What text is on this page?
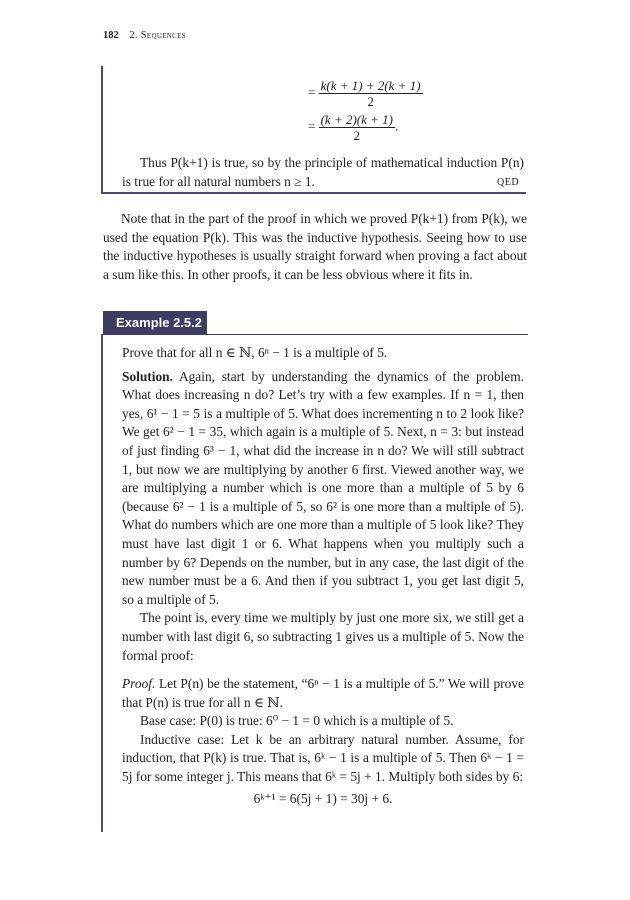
182 2. Sequences
= $\frac{k(k + 1) + 2(k + 1)}{2}$
= $\frac{(k + 2)(k + 1)}{2}$ .

Thus P(k+1) is true, so by the principle of mathematical induction P(n) is true for all natural numbers n ≥ 1.	QED

Note that in the part of the proof in which we proved P(k+1) from P(k), we used the equation P(k). This was the inductive hypothesis. Seeing how to use the inductive hypotheses is usually straight forward when proving a fact about a sum like this. In other proofs, it can be less obvious where it fits in.

Example 2.5.2

Prove that for all n ∈ ℕ, 6ⁿ − 1 is a multiple of 5.

Solution. Again, start by understanding the dynamics of the problem. What does increasing n do? Let’s try with a few examples. If n = 1, then yes, 6¹ − 1 = 5 is a multiple of 5. What does incrementing n to 2 look like? We get 6² − 1 = 35, which again is a multiple of 5. Next, n = 3: but instead of just finding 6³ − 1, what did the increase in n do? We will still subtract 1, but now we are multiplying by another 6 first. Viewed another way, we are multiplying a number which is one more than a multiple of 5 by 6 (because 6² − 1 is a multiple of 5, so 6² is one more than a multiple of 5). What do numbers which are one more than a multiple of 5 look like? They must have last digit 1 or 6. What happens when you multiply such a number by 6? Depends on the number, but in any case, the last digit of the new number must be a 6. And then if you subtract 1, you get last digit 5, so a multiple of 5.

The point is, every time we multiply by just one more six, we still get a number with last digit 6, so subtracting 1 gives us a multiple of 5. Now the formal proof:

Proof. Let P(n) be the statement, “6ⁿ − 1 is a multiple of 5.” We will prove that P(n) is true for all n ∈ ℕ.

Base case: P(0) is true: 6⁰ − 1 = 0 which is a multiple of 5.

Inductive case: Let k be an arbitrary natural number. Assume, for induction, that P(k) is true. That is, 6ᵏ − 1 is a multiple of 5. Then 6ᵏ − 1 = 5j for some integer j. This means that 6ᵏ = 5j + 1. Multiply both sides by 6:

6ᵏ⁺¹ = 6(5j + 1) = 30j + 6.
